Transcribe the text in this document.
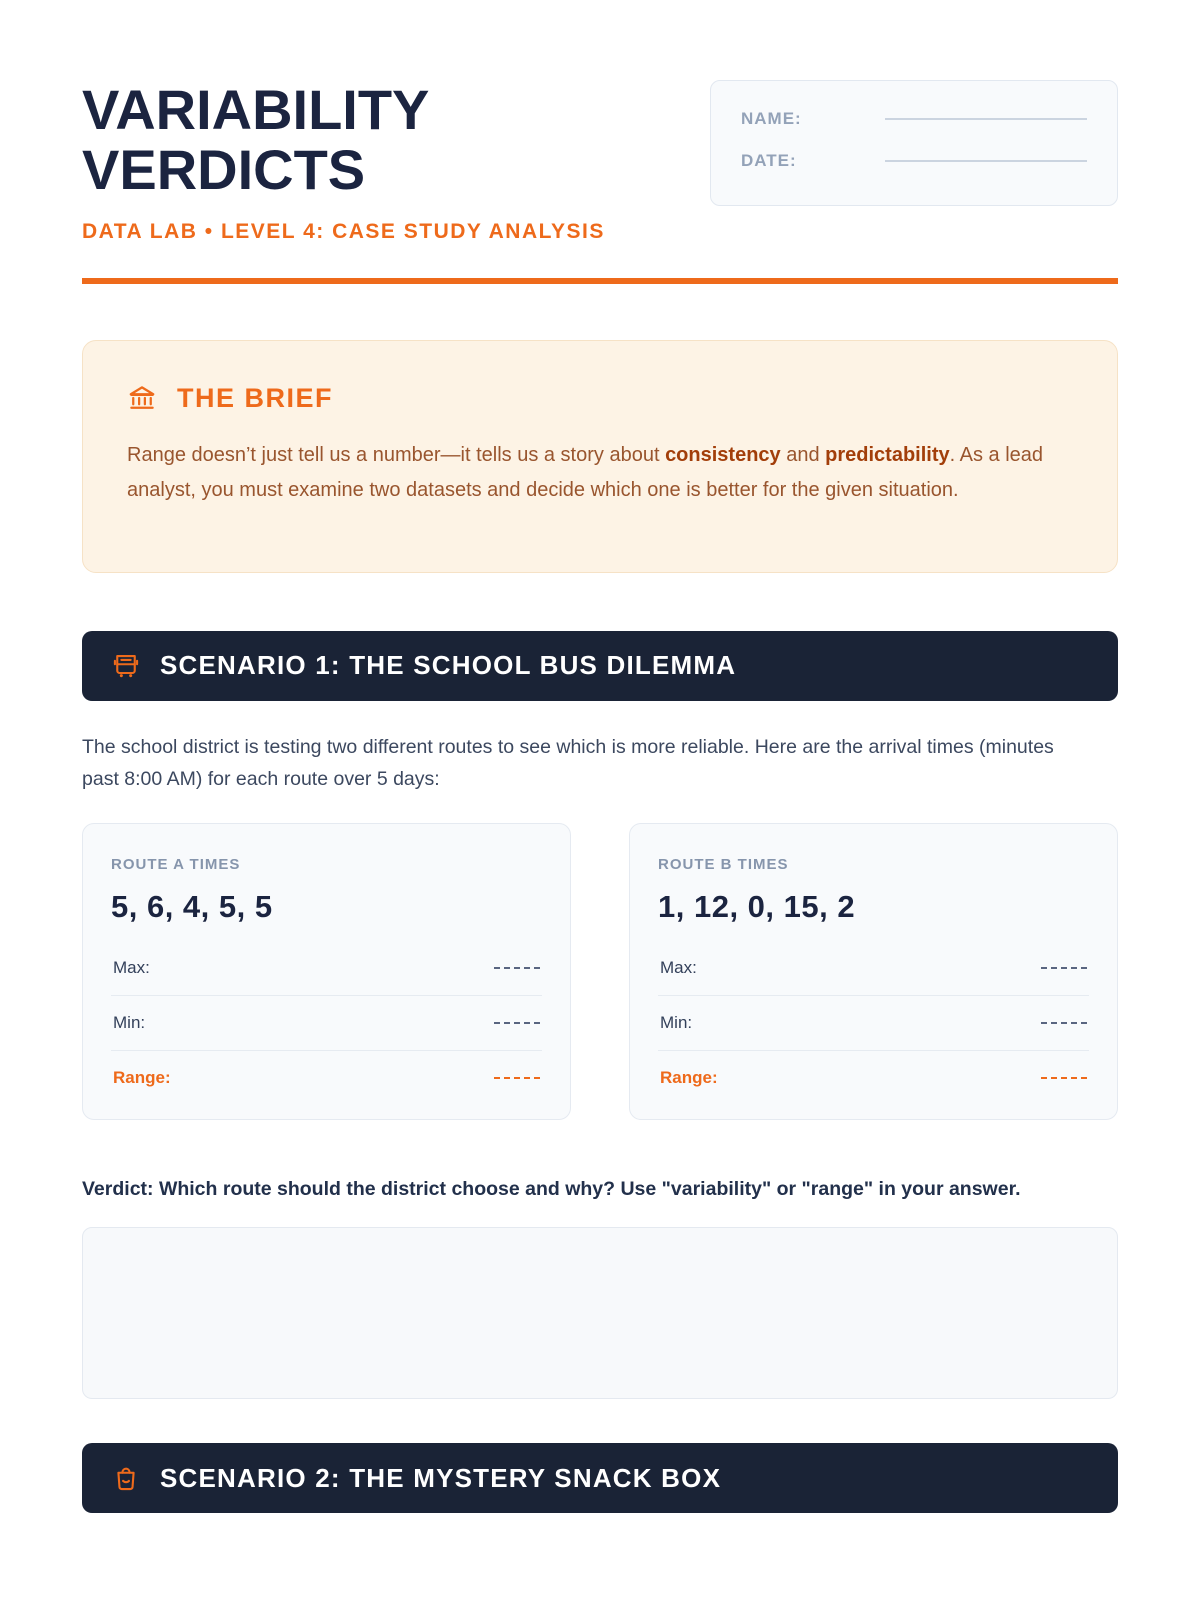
VARIABILITY
VERDICTS
DATA LAB • LEVEL 4: CASE STUDY ANALYSIS
NAME:
DATE:
THE BRIEF

Range doesn’t just tell us a number—it tells us a story about consistency and predictability. As a lead analyst, you must examine two datasets and decide which one is better for the given situation.

SCENARIO 1: THE SCHOOL BUS DILEMMA

The school district is testing two different routes to see which is more reliable. Here are the arrival times (minutes past 8:00 AM) for each route over 5 days:

ROUTE A TIMES
5, 6, 4, 5, 5
Max:
Min:
Range:
ROUTE B TIMES
1, 12, 0, 15, 2
Max:
Min:
Range:

Verdict: Which route should the district choose and why? Use "variability" or "range" in your answer.

SCENARIO 2: THE MYSTERY SNACK BOX
